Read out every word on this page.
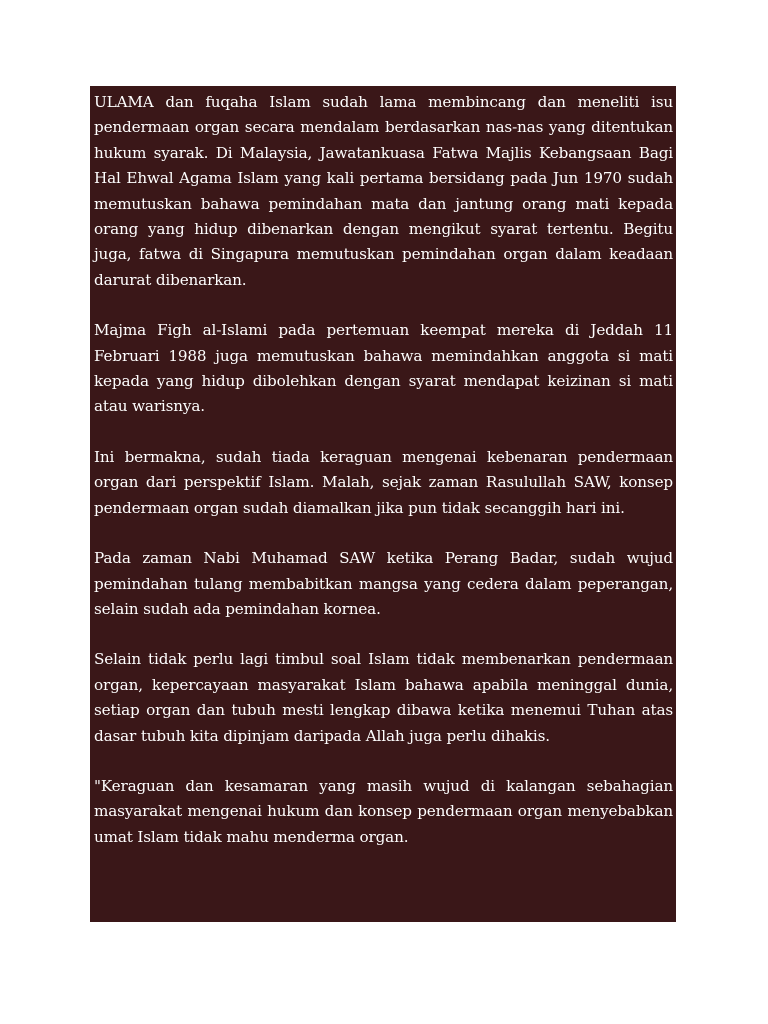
ULAMA dan fuqaha Islam sudah lama membincang dan meneliti isu pendermaan organ secara mendalam berdasarkan nas-nas yang ditentukan hukum syarak. Di Malaysia, Jawatankuasa Fatwa Majlis Kebangsaan Bagi Hal Ehwal Agama Islam yang kali pertama bersidang pada Jun 1970 sudah memutuskan bahawa pemindahan mata dan jantung orang mati kepada orang yang hidup dibenarkan dengan mengikut syarat tertentu. Begitu juga, fatwa di Singapura memutuskan pemindahan organ dalam keadaan darurat dibenarkan.

Majma Figh al-Islami pada pertemuan keempat mereka di Jeddah 11 Februari 1988 juga memutuskan bahawa memindahkan anggota si mati kepada yang hidup dibolehkan dengan syarat mendapat keizinan si mati atau warisnya.

Ini bermakna, sudah tiada keraguan mengenai kebenaran pendermaan organ dari perspektif Islam. Malah, sejak zaman Rasulullah SAW, konsep pendermaan organ sudah diamalkan jika pun tidak secanggih hari ini.

Pada zaman Nabi Muhamad SAW ketika Perang Badar, sudah wujud pemindahan tulang membabitkan mangsa yang cedera dalam peperangan, selain sudah ada pemindahan kornea.

Selain tidak perlu lagi timbul soal Islam tidak membenarkan pendermaan organ, kepercayaan masyarakat Islam bahawa apabila meninggal dunia, setiap organ dan tubuh mesti lengkap dibawa ketika menemui Tuhan atas dasar tubuh kita dipinjam daripada Allah juga perlu dihakis.

"Keraguan dan kesamaran yang masih wujud di kalangan sebahagian masyarakat mengenai hukum dan konsep pendermaan organ menyebabkan umat Islam tidak mahu menderma organ.
